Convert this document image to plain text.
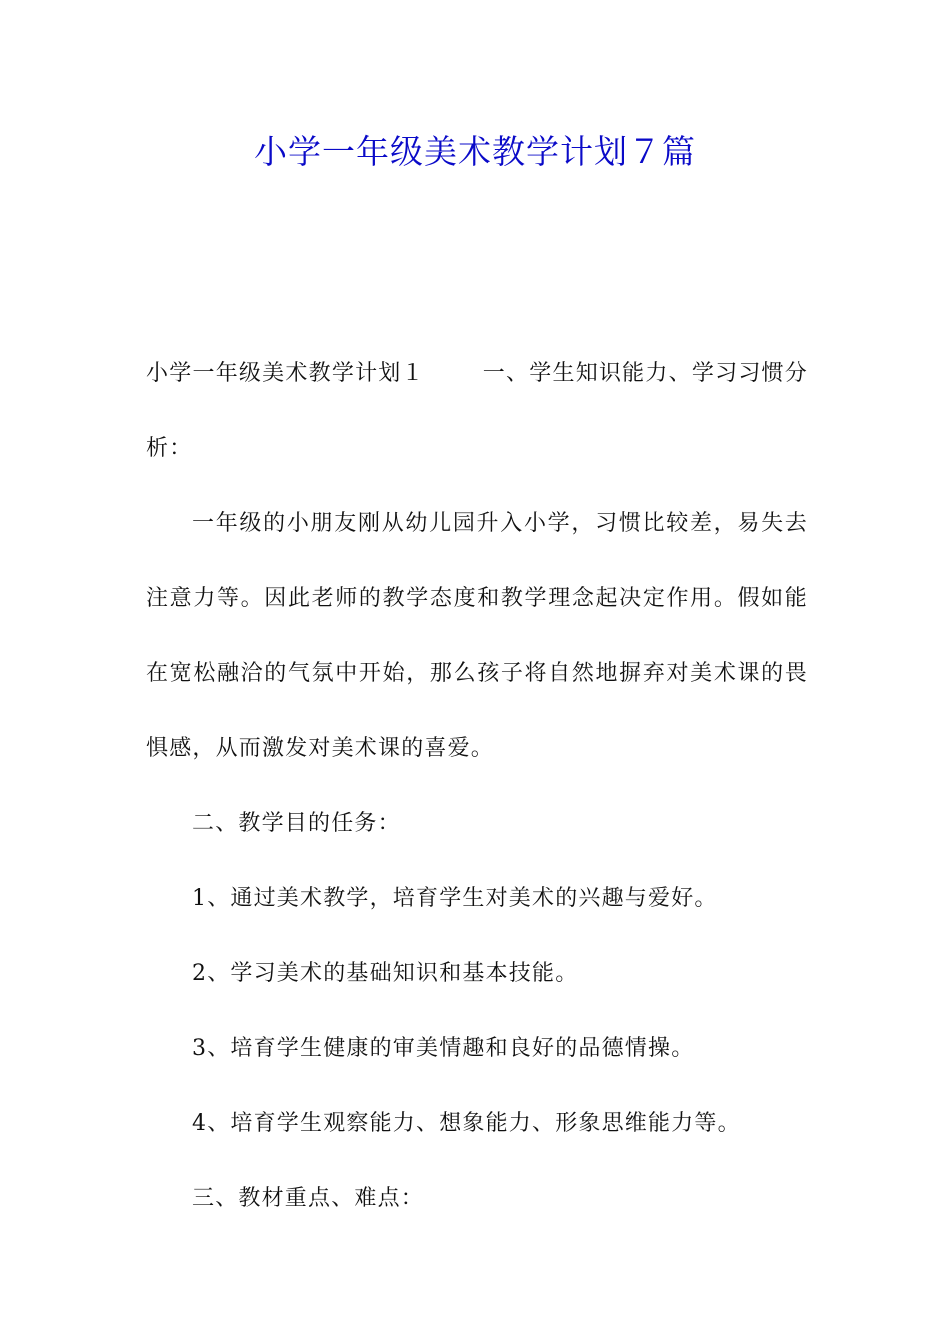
小学一年级美术教学计划７篇

小学一年级美术教学计划１	一、学生知识能力、学习习惯分析：

一年级的小朋友刚从幼儿园升入小学，习惯比较差，易失去注意力等。因此老师的教学态度和教学理念起决定作用。假如能在宽松融洽的气氛中开始，那么孩子将自然地摒弃对美术课的畏惧感，从而激发对美术课的喜爱。

二、教学目的任务：

1、通过美术教学，培育学生对美术的兴趣与爱好。

2、学习美术的基础知识和基本技能。

3、培育学生健康的审美情趣和良好的品德情操。

4、培育学生观察能力、想象能力、形象思维能力等。

三、教材重点、难点：
